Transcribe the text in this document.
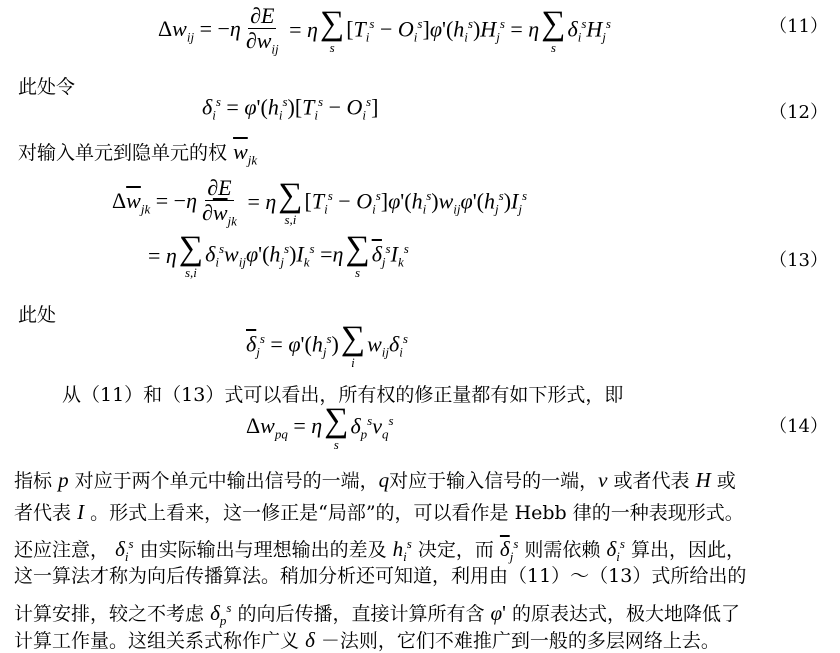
$\Delta w_{ij} = -\eta \frac{\partial E}{\partial w_{ij}} = \eta$ ∑
s
$[T_i^s - O_i^s]\varphi'(h_i^s)H_j^s = \eta$ ∑
s
$\delta_i^sH_j^s$	（11）
此处令
$\delta_i^s = \varphi'(h_i^s)[T_i^s - O_i^s]$	（12）
对输入单元到隐单元的权 $\overline{w}_{jk}$
$\Delta\overline{w}_{jk} = -\eta \frac{\partial E}{\partial\overline{w}_{jk}} = \eta$ ∑
s,i
$[T_i^s - O_i^s]\varphi'(h_i^s)w_{ij}\varphi'(h_j^s)I_j^s$
= η ∑
s,i
$\delta_i^sw_{ij}\varphi'(h_j^s)I_k^s =\eta$ ∑
s
$\overline{\delta}_j^sI_k^s$
（13）
此处
$\overline{\delta}_j^s = \varphi'(h_j^s)$ ∑
i
$w_{ij}\delta_i^s$
从（11）和（13）式可以看出，所有权的修正量都有如下形式，即
$\Delta w_{pq} = \eta$ ∑
s
$\delta_p^sv_q^s$	（14）
指标 p 对应于两个单元中输出信号的一端，q对应于输入信号的一端，v 或者代表 H 或
者代表 I 。形式上看来，这一修正是“局部”的，可以看作是 Hebb 律的一种表现形式。
还应注意， $\delta_i^s$ 由实际输出与理想输出的差及 $h_i^s$ 决定，而 $\overline{\delta}_j^s$ 则需依赖 $\delta_i^s$ 算出，因此，
这一算法才称为向后传播算法。稍加分析还可知道，利用由（11）～（13）式所给出的
计算安排，较之不考虑 $\delta_p^s$ 的向后传播，直接计算所有含 φ' 的原表达式，极大地降低了
计算工作量。这组关系式称作广义 δ －法则，它们不难推广到一般的多层网络上去。
